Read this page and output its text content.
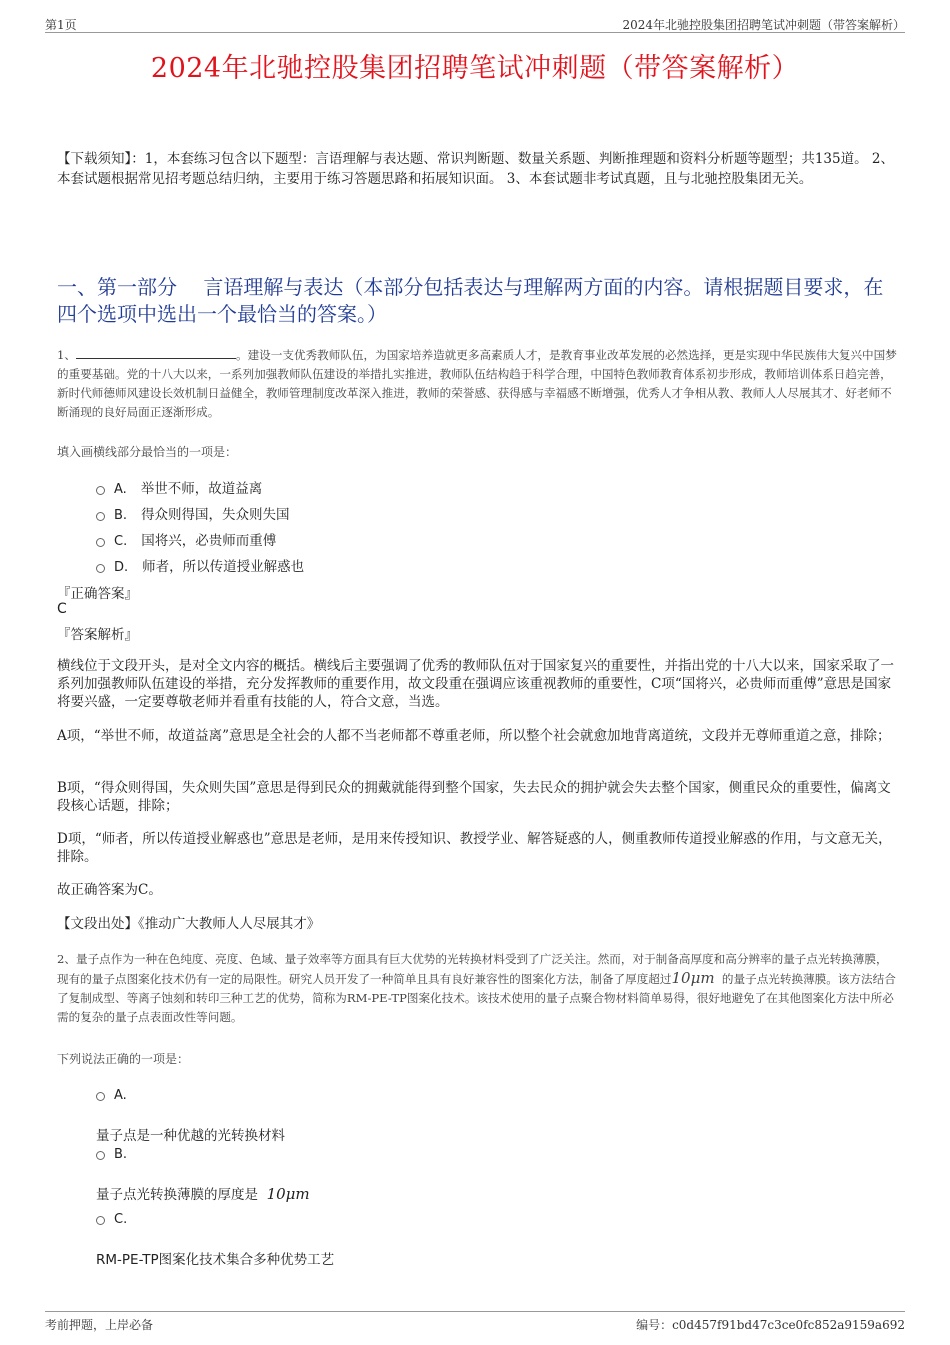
第1页	2024年北驰控股集团招聘笔试冲刺题（带答案解析）
2024年北驰控股集团招聘笔试冲刺题（带答案解析）
【下载须知】：1，本套练习包含以下题型：言语理解与表达题、常识判断题、数量关系题、判断推理题和资料分析题等题型；共135道。 2、本套试题根据常见招考题总结归纳，主要用于练习答题思路和拓展知识面。 3、本套试题非考试真题，且与北驰控股集团无关。
一、第一部分　 言语理解与表达（本部分包括表达与理解两方面的内容。请根据题目要求，在四个选项中选出一个最恰当的答案。）
1、	。建设一支优秀教师队伍，为国家培养造就更多高素质人才，是教育事业改革发展的必然选择，更是实现中华民族伟大复兴中国梦的重要基础。党的十八大以来，一系列加强教师队伍建设的举措扎实推进，教师队伍结构趋于科学合理，中国特色教师教育体系初步形成，教师培训体系日趋完善，新时代师德师风建设长效机制日益健全，教师管理制度改革深入推进，教师的荣誉感、获得感与幸福感不断增强，优秀人才争相从教、教师人人尽展其才、好老师不断涌现的良好局面正逐渐形成。
填入画横线部分最恰当的一项是：
A. 举世不师，故道益离
B. 得众则得国，失众则失国
C. 国将兴，必贵师而重傅
D. 师者，所以传道授业解惑也
『正确答案』
C
『答案解析』
横线位于文段开头，是对全文内容的概括。横线后主要强调了优秀的教师队伍对于国家复兴的重要性，并指出党的十八大以来，国家采取了一系列加强教师队伍建设的举措，充分发挥教师的重要作用，故文段重在强调应该重视教师的重要性，C项“国将兴，必贵师而重傅”意思是国家将要兴盛，一定要尊敬老师并看重有技能的人，符合文意，当选。
A项，“举世不师，故道益离”意思是全社会的人都不当老师都不尊重老师，所以整个社会就愈加地背离道统，文段并无尊师重道之意，排除；
B项，“得众则得国，失众则失国”意思是得到民众的拥戴就能得到整个国家，失去民众的拥护就会失去整个国家，侧重民众的重要性，偏离文段核心话题，排除；
D项，“师者，所以传道授业解惑也”意思是老师，是用来传授知识、教授学业、解答疑惑的人，侧重教师传道授业解惑的作用，与文意无关，排除。
故正确答案为C。
【文段出处】《推动广大教师人人尽展其才》
2、量子点作为一种在色纯度、亮度、色域、量子效率等方面具有巨大优势的光转换材料受到了广泛关注。然而，对于制备高厚度和高分辨率的量子点光转换薄膜，现有的量子点图案化技术仍有一定的局限性。研究人员开发了一种简单且具有良好兼容性的图案化方法，制备了厚度超过10μm 的量子点光转换薄膜。该方法结合了复制成型、等离子蚀刻和转印三种工艺的优势，简称为RM-PE-TP图案化技术。该技术使用的量子点聚合物材料简单易得，很好地避免了在其他图案化方法中所必需的复杂的量子点表面改性等问题。
下列说法正确的一项是：
A.
量子点是一种优越的光转换材料
B.
量子点光转换薄膜的厚度是 10μm
C.
RM-PE-TP图案化技术集合多种优势工艺
考前押题，上岸必备	编号：c0d457f91bd47c3ce0fc852a9159a692
